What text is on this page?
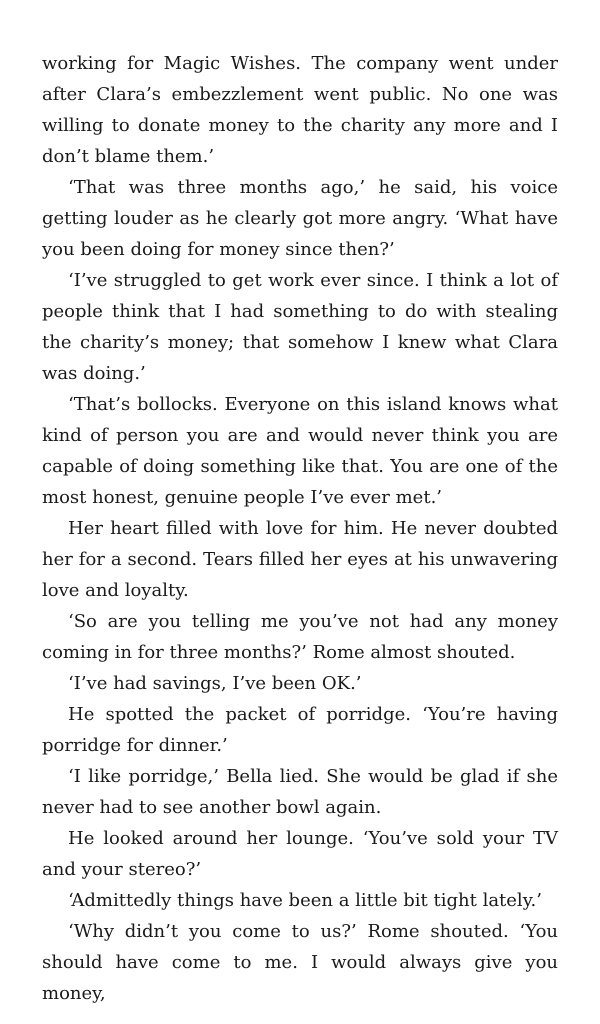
working for Magic Wishes. The company went under after Clara’s embezzlement went public. No one was willing to donate money to the charity any more and I don’t blame them.’

‘That was three months ago,’ he said, his voice getting louder as he clearly got more angry. ‘What have you been doing for money since then?’

‘I’ve struggled to get work ever since. I think a lot of people think that I had something to do with stealing the charity’s money; that somehow I knew what Clara was doing.’

‘That’s bollocks. Everyone on this island knows what kind of person you are and would never think you are capable of doing something like that. You are one of the most honest, genuine people I’ve ever met.’

Her heart filled with love for him. He never doubted her for a second. Tears filled her eyes at his unwavering love and loyalty.

‘So are you telling me you’ve not had any money coming in for three months?’ Rome almost shouted.

‘I’ve had savings, I’ve been OK.’

He spotted the packet of porridge. ‘You’re having porridge for dinner.’

‘I like porridge,’ Bella lied. She would be glad if she never had to see another bowl again.

He looked around her lounge. ‘You’ve sold your TV and your stereo?’

‘Admittedly things have been a little bit tight lately.’

‘Why didn’t you come to us?’ Rome shouted. ‘You should have come to me. I would always give you money,
